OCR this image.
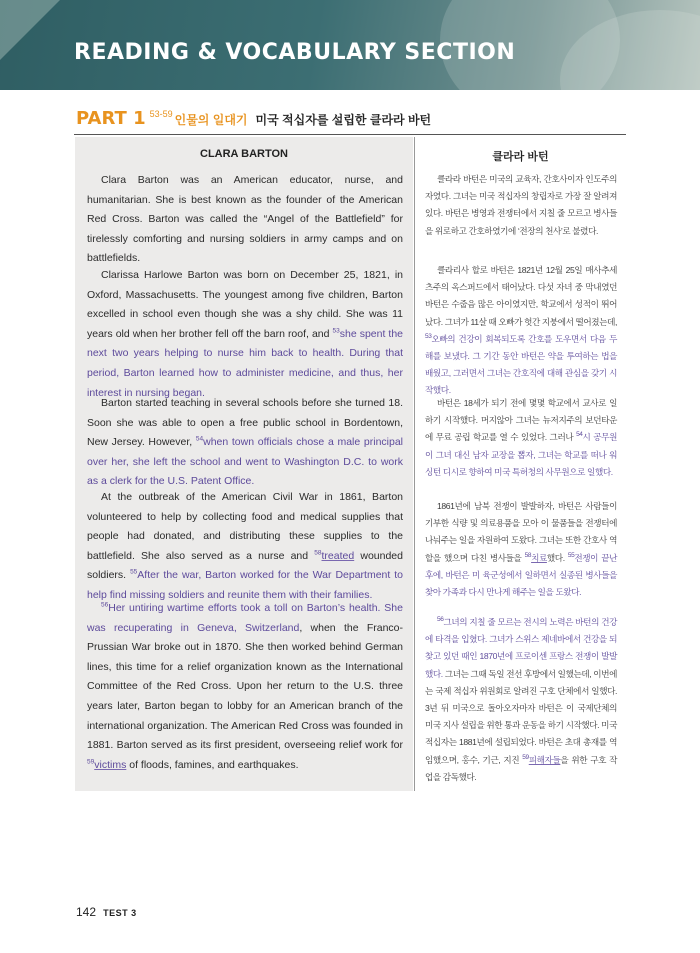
READING & VOCABULARY SECTION
PART 1 53-59 인물의 일대기 미국 적십자를 설립한 클라라 바턴
CLARA BARTON	클라라 바턴

Clara Barton was an American educator, nurse, and humanitarian. She is best known as the founder of the American Red Cross. Barton was called the “Angel of the Battlefield” for tirelessly comforting and nursing soldiers in army camps and on battlefields.

Clarissa Harlowe Barton was born on December 25, 1821, in Oxford, Massachusetts. The youngest among five children, Barton excelled in school even though she was a shy child. She was 11 years old when her brother fell off the barn roof, and $^{53}$she spent the next two years helping to nurse him back to health. During that period, Barton learned how to administer medicine, and thus, her interest in nursing began.

Barton started teaching in several schools before she turned 18. Soon she was able to open a free public school in Bordentown, New Jersey. However, $^{54}$when town officials chose a male principal over her, she left the school and went to Washington D.C. to work as a clerk for the U.S. Patent Office.

At the outbreak of the American Civil War in 1861, Barton volunteered to help by collecting food and medical supplies that people had donated, and distributing these supplies to the battlefield. She also served as a nurse and $^{58}$treated wounded soldiers. $^{55}$After the war, Barton worked for the War Department to help find missing soldiers and reunite them with their families.

$^{56}$Her untiring wartime efforts took a toll on Barton’s health. She was recuperating in Geneva, Switzerland, when the Franco-Prussian War broke out in 1870. She then worked behind German lines, this time for a relief organization known as the International Committee of the Red Cross. Upon her return to the U.S. three years later, Barton began to lobby for an American branch of the international organization. The American Red Cross was founded in 1881. Barton served as its first president, overseeing relief work for $^{59}$victims of floods, famines, and earthquakes.

클라라 바턴은 미국의 교육자, 간호사이자 인도주의자였다. 그녀는 미국 적십자의 창립자로 가장 잘 알려져 있다. 바턴은 병영과 전쟁터에서 지칠 줄 모르고 병사들을 위로하고 간호하였기에 ‘전장의 천사’로 불렸다.

클라리사 할로 바턴은 1821년 12월 25일 매사추세츠주의 옥스퍼드에서 태어났다. 다섯 자녀 중 막내였던 바턴은 수줍음 많은 아이였지만, 학교에서 성적이 뛰어났다. 그녀가 11살 때 오빠가 헛간 지붕에서 떨어졌는데, $^{53}$오빠의 건강이 회복되도록 간호를 도우면서 다음 두 해를 보냈다. 그 기간 동안 바턴은 약을 투여하는 법을 배웠고, 그러면서 그녀는 간호직에 대해 관심을 갖기 시작했다.

바턴은 18세가 되기 전에 몇몇 학교에서 교사로 일하기 시작했다. 머지않아 그녀는 뉴저지주의 보던타운에 무료 공립 학교를 열 수 있었다. 그러나 $^{54}$시 공무원이 그녀 대신 남자 교장을 뽑자, 그녀는 학교를 떠나 워싱턴 디시로 향하여 미국 특허청의 사무원으로 일했다.

1861년에 남북 전쟁이 발발하자, 바턴은 사람들이 기부한 식량 및 의료용품을 모아 이 물품들을 전쟁터에 나눠주는 일을 자원하여 도왔다. 그녀는 또한 간호사 역할을 했으며 다친 병사들을 $^{58}$치료했다. $^{55}$전쟁이 끝난 후에, 바턴은 미 육군성에서 일하면서 실종된 병사들을 찾아 가족과 다시 만나게 해주는 일을 도왔다.

$^{56}$그녀의 지칠 줄 모르는 전시의 노력은 바턴의 건강에 타격을 입혔다. 그녀가 스위스 제네바에서 건강을 되찾고 있던 때인 1870년에 프로이센 프랑스 전쟁이 발발했다. 그녀는 그때 독일 전선 후방에서 일했는데, 이번에는 국제 적십자 위원회로 알려진 구호 단체에서 일했다. 3년 뒤 미국으로 돌아오자마자 바턴은 이 국제단체의 미국 지사 설립을 위한 통과 운동을 하기 시작했다. 미국 적십자는 1881년에 설립되었다. 바턴은 초대 총재를 역임했으며, 홍수, 기근, 지진 $^{59}$피해자들을 위한 구호 작업을 감독했다.

142 TEST 3
